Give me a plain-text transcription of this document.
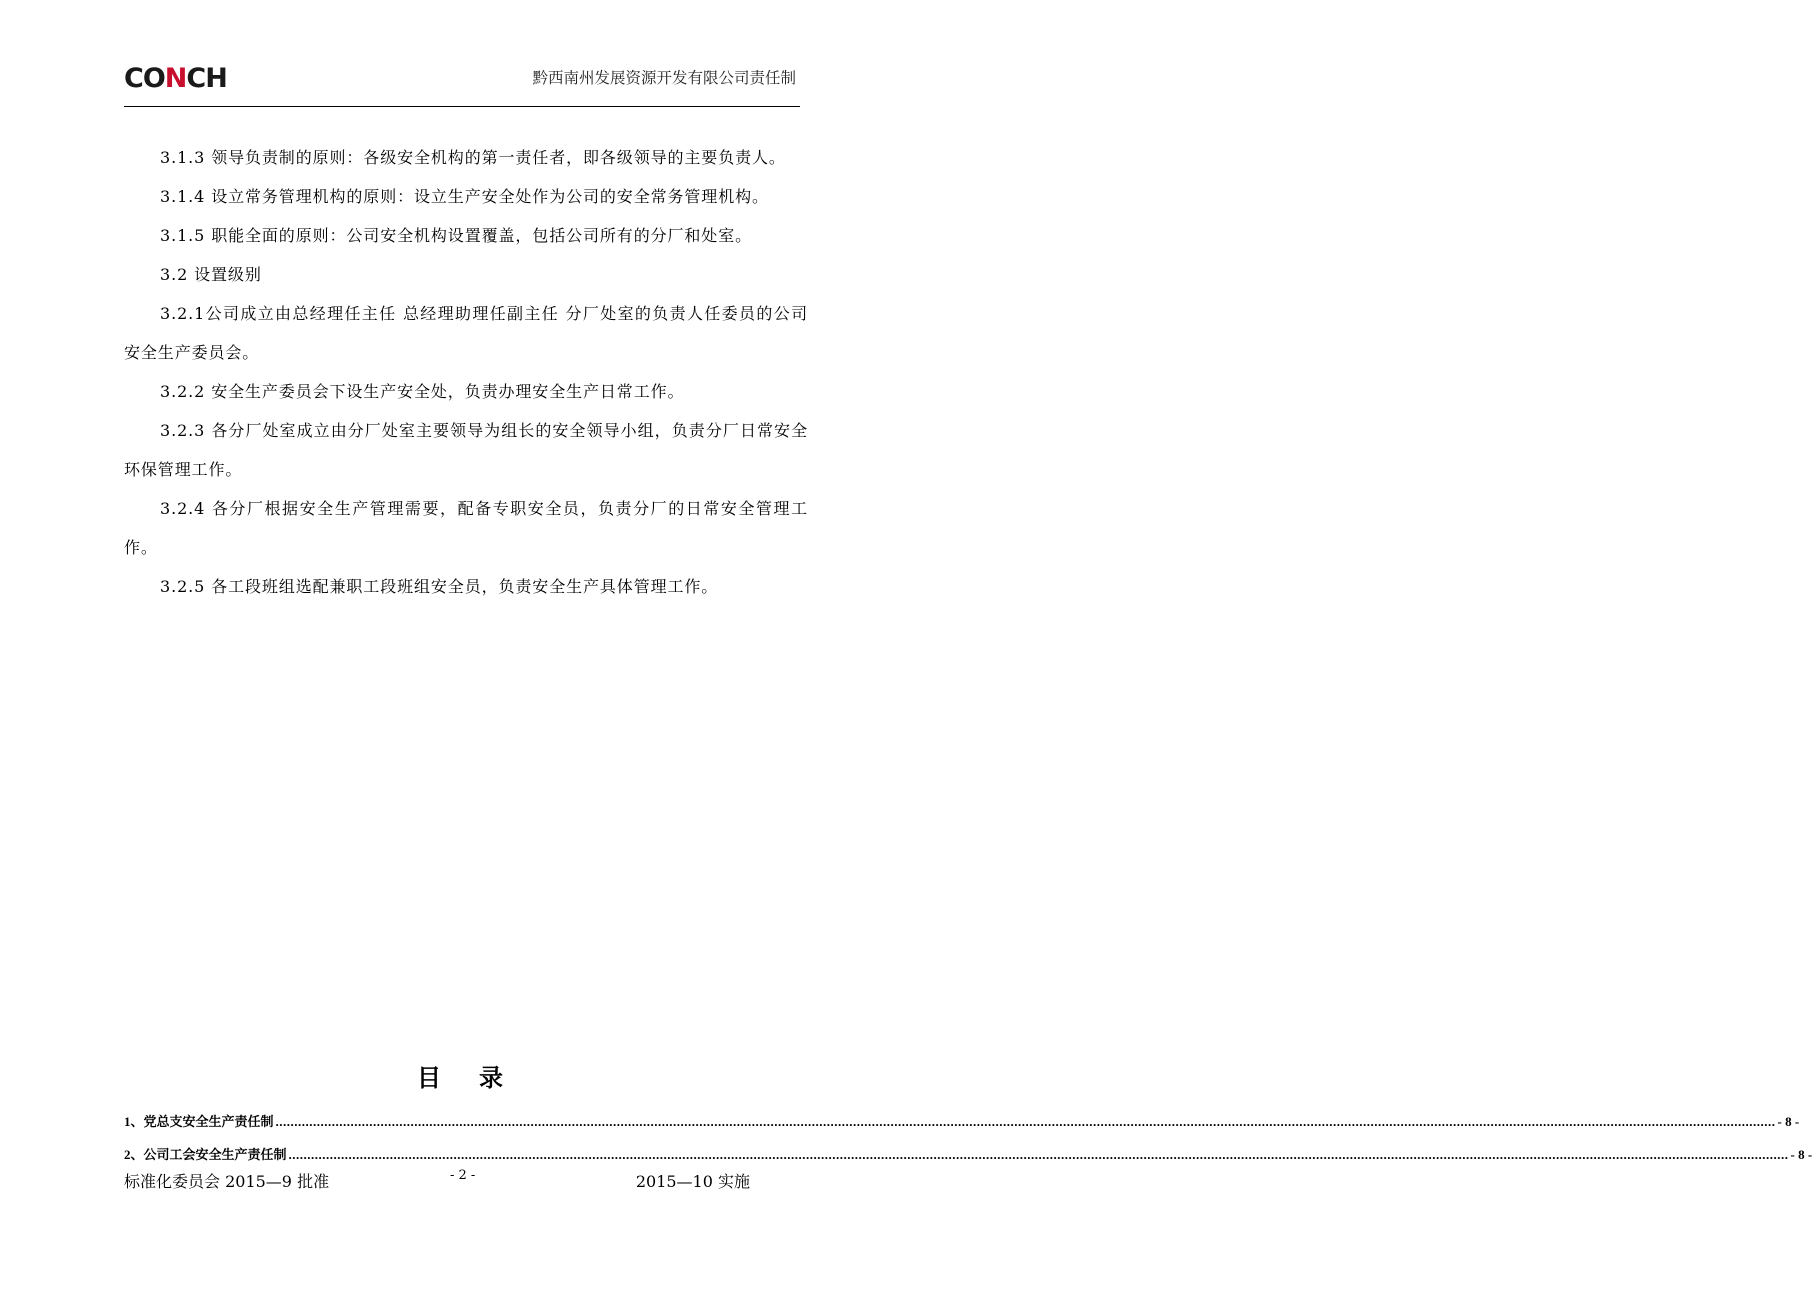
CONCH	黔西南州发展资源开发有限公司责任制

3.1.3 领导负责制的原则：各级安全机构的第一责任者，即各级领导的主要负责人。

3.1.4 设立常务管理机构的原则：设立生产安全处作为公司的安全常务管理机构。

3.1.5 职能全面的原则：公司安全机构设置覆盖，包括公司所有的分厂和处室。

3.2 设置级别

3.2.1公司成立由总经理任主任 总经理助理任副主任 分厂处室的负责人任委员的公司安全生产委员会。

3.2.2 安全生产委员会下设生产安全处，负责办理安全生产日常工作。

3.2.3 各分厂处室成立由分厂处室主要领导为组长的安全领导小组，负责分厂日常安全环保管理工作。

3.2.4 各分厂根据安全生产管理需要，配备专职安全员，负责分厂的日常安全管理工作。

3.2.5 各工段班组选配兼职工段班组安全员，负责安全生产具体管理工作。

目录
1、党总支安全生产责任制 ................................................................................................................................................................................................................................................................................................................................................................................................................ - 8 -
2、公司工会安全生产责任制 ................................................................................................................................................................................................................................................................................................................................................................................................................ - 8 -
标准化委员会 2015—9 批准	- 2 -	2015—10 实施
